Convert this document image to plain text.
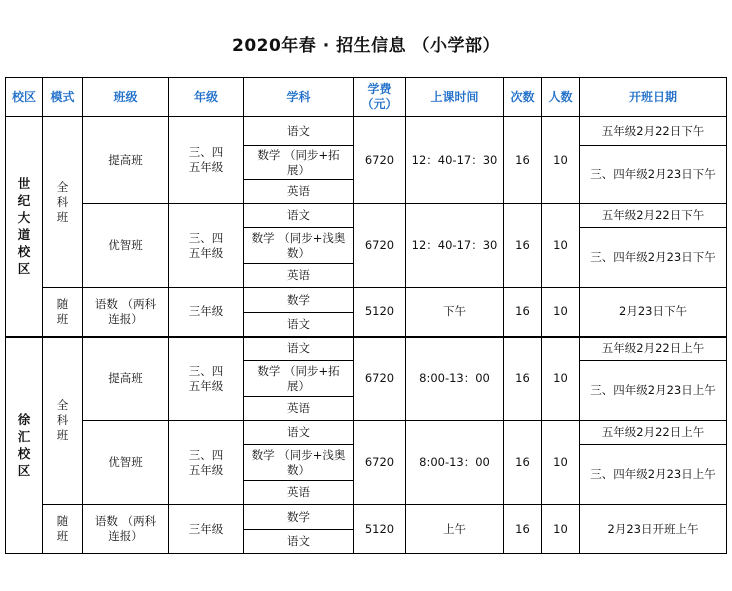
2020年春 · 招生信息 （小学部）
校区	模式	班级	年级	学科	学费（元）	上课时间	次数	人数	开班日期
世纪大道校区	全科班	提高班	三、四 五年级	语文	6720	12：40-17：30	16	10	五年级2月22日下午
				数学 （同步+拓展）					三、四年级2月23日下午
				英语					
		优智班	三、四 五年级	语文	6720	12：40-17：30	16	10	五年级2月22日下午
				数学 （同步+浅奥数）					三、四年级2月23日下午
				英语					
	随班	语数 （两科连报）	三年级	数学	5120	下午	16	10	2月23日下午
				语文					
徐汇校区	全科班	提高班	三、四 五年级	语文	6720	8:00-13：00	16	10	五年级2月22日上午
				数学 （同步+拓展）					三、四年级2月23日上午
				英语					
		优智班	三、四 五年级	语文	6720	8:00-13：00	16	10	五年级2月22日上午
				数学 （同步+浅奥数）					三、四年级2月23日上午
				英语					
	随班	语数 （两科连报）	三年级	数学	5120	上午	16	10	2月23日开班上午
				语文					
